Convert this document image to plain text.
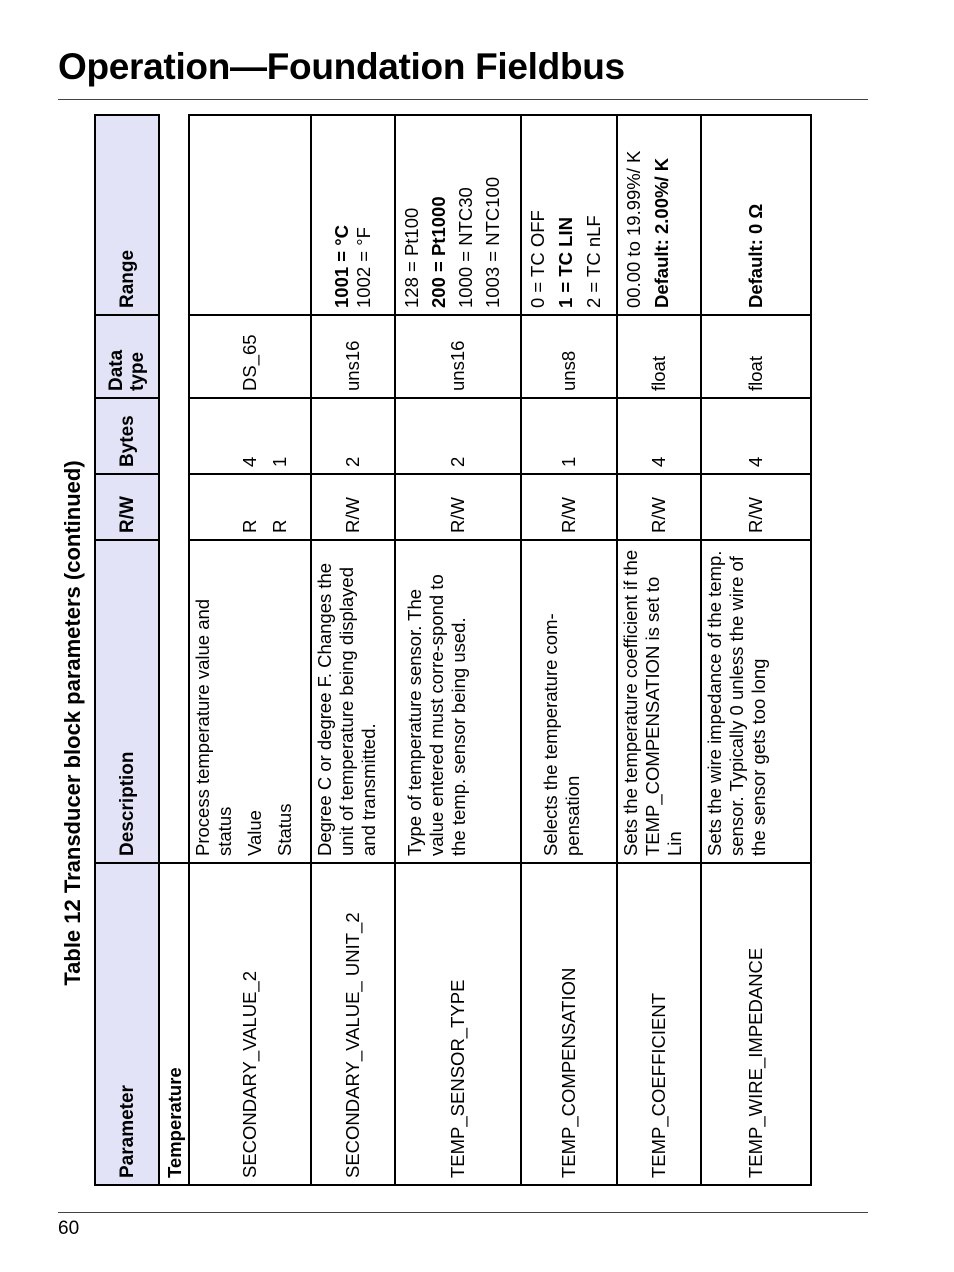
Operation—Foundation Fieldbus
Table 12 Transducer block parameters (continued)
Parameter	Description	R/W	Bytes	Data type	Range
Temperature					
SECONDARY_VALUE_2	Process temperature value and status Value Status	R R	4 1	DS_65	
SECONDARY_VALUE_ UNIT_2	Degree C or degree F. Changes the unit of temperature being displayed and transmitted.	R/W	2	uns16	1001 = °C 1002 = °F

TEMP_SENSOR_TYPE	Type of temperature sensor. The value entered must corre-spond to the temp. sensor being used.	R/W	2	uns16	128 = Pt100 200 = Pt1000 1000 = NTC30 1003 = NTC100

TEMP_COMPENSATION	Selects the temperature com-pensation	R/W	1	uns8	0 = TC OFF 1 = TC LIN 2 = TC nLF

TEMP_COEFFICIENT	Sets the temperature coefficient if the TEMP_COMPENSATION is set to Lin	R/W	4	float	00.00 to 19.99%/ K Default: 2.00%/ K

TEMP_WIRE_IMPEDANCE	Sets the wire impedance of the temp. sensor. Typically 0 unless the wire of the sensor gets too long	R/W	4	float	Default: 0 Ω
60
